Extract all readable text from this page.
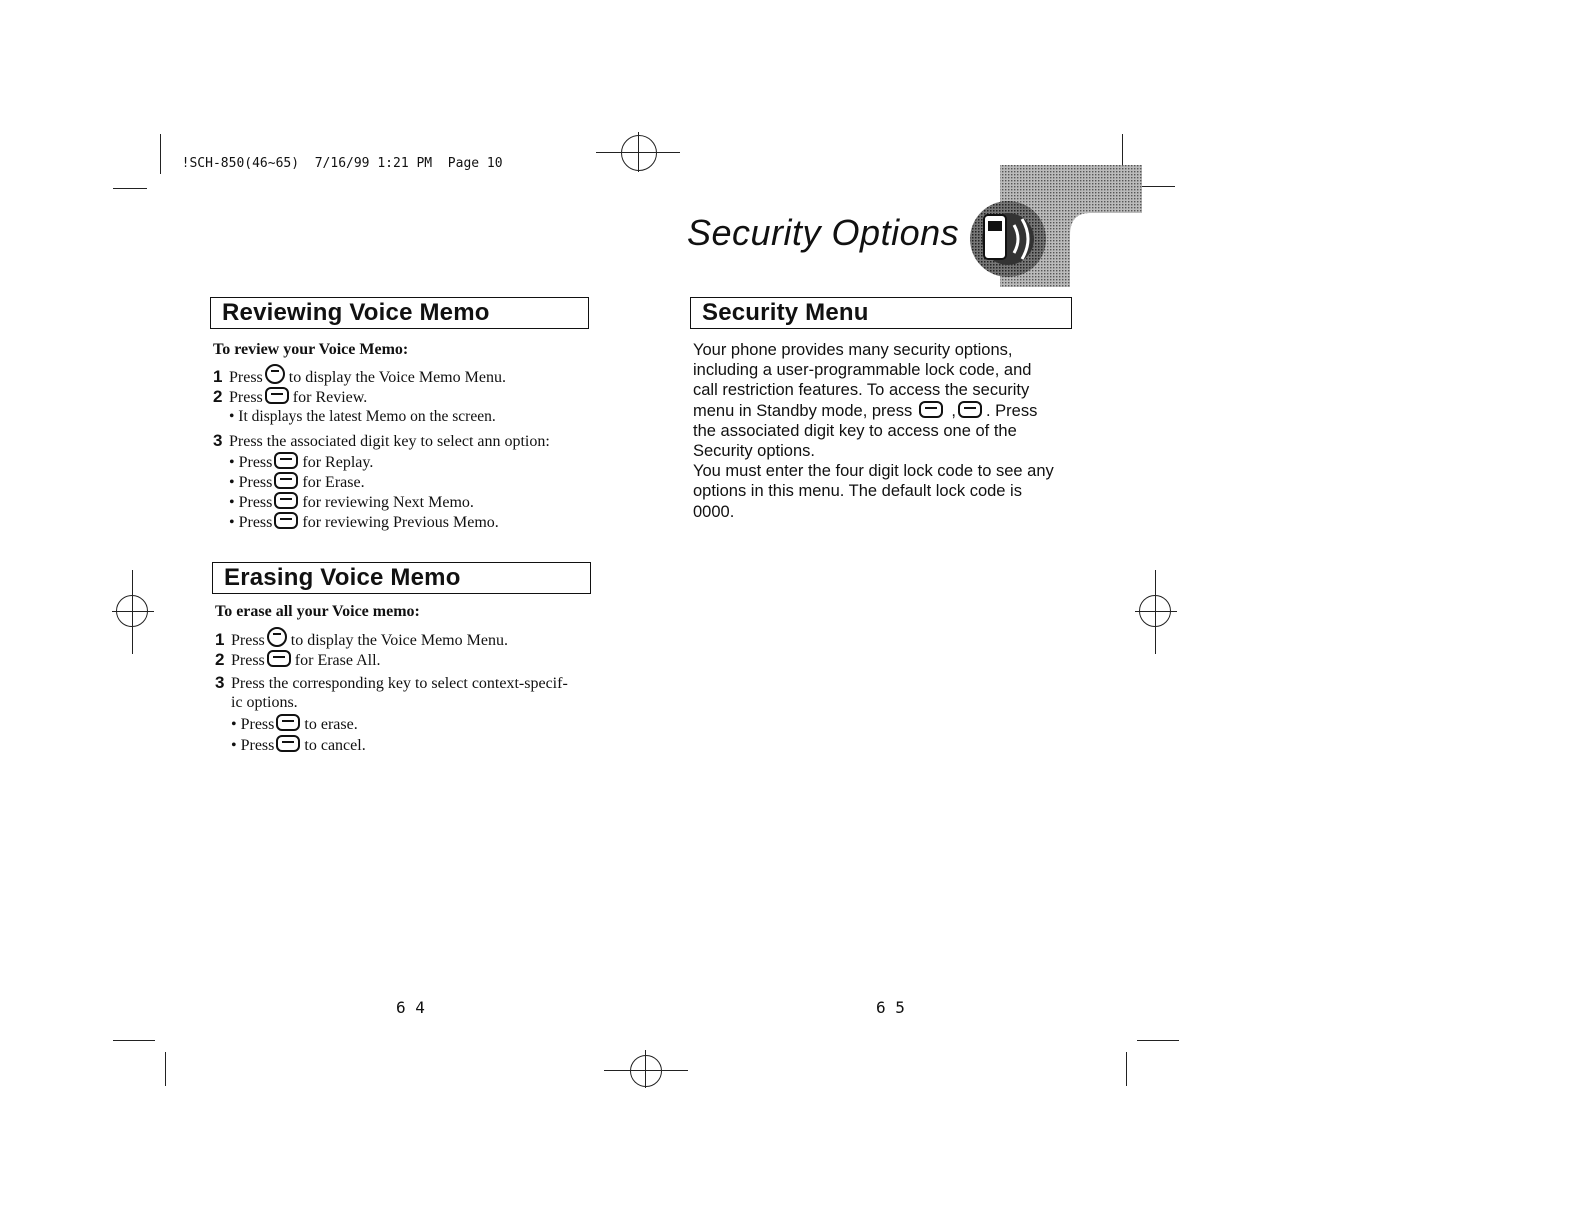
!SCH-850(46~65) 7/16/99 1:21 PM Page 10

Security Options
Reviewing Voice Memo
To review your Voice Memo:
1 Press to display the Voice Memo Menu.
2 Press for Review.
• It displays the latest Memo on the screen.
3 Press the associated digit key to select ann option:
• Press for Replay.
• Press for Erase.
• Press for reviewing Next Memo.
• Press for reviewing Previous Memo.
Erasing Voice Memo
To erase all your Voice memo:
1 Press to display the Voice Memo Menu.
2 Press for Erase All.
3 Press the corresponding key to select context-specif-
ic options.
• Press to erase.
• Press to cancel.
6 4
Security Menu
Your phone provides many security options,
including a user-programmable lock code, and
call restriction features. To access the security
menu in Standby mode, press , . Press
the associated digit key to access one of the
Security options.
You must enter the four digit lock code to see any
options in this menu. The default lock code is
0000.
6 5
